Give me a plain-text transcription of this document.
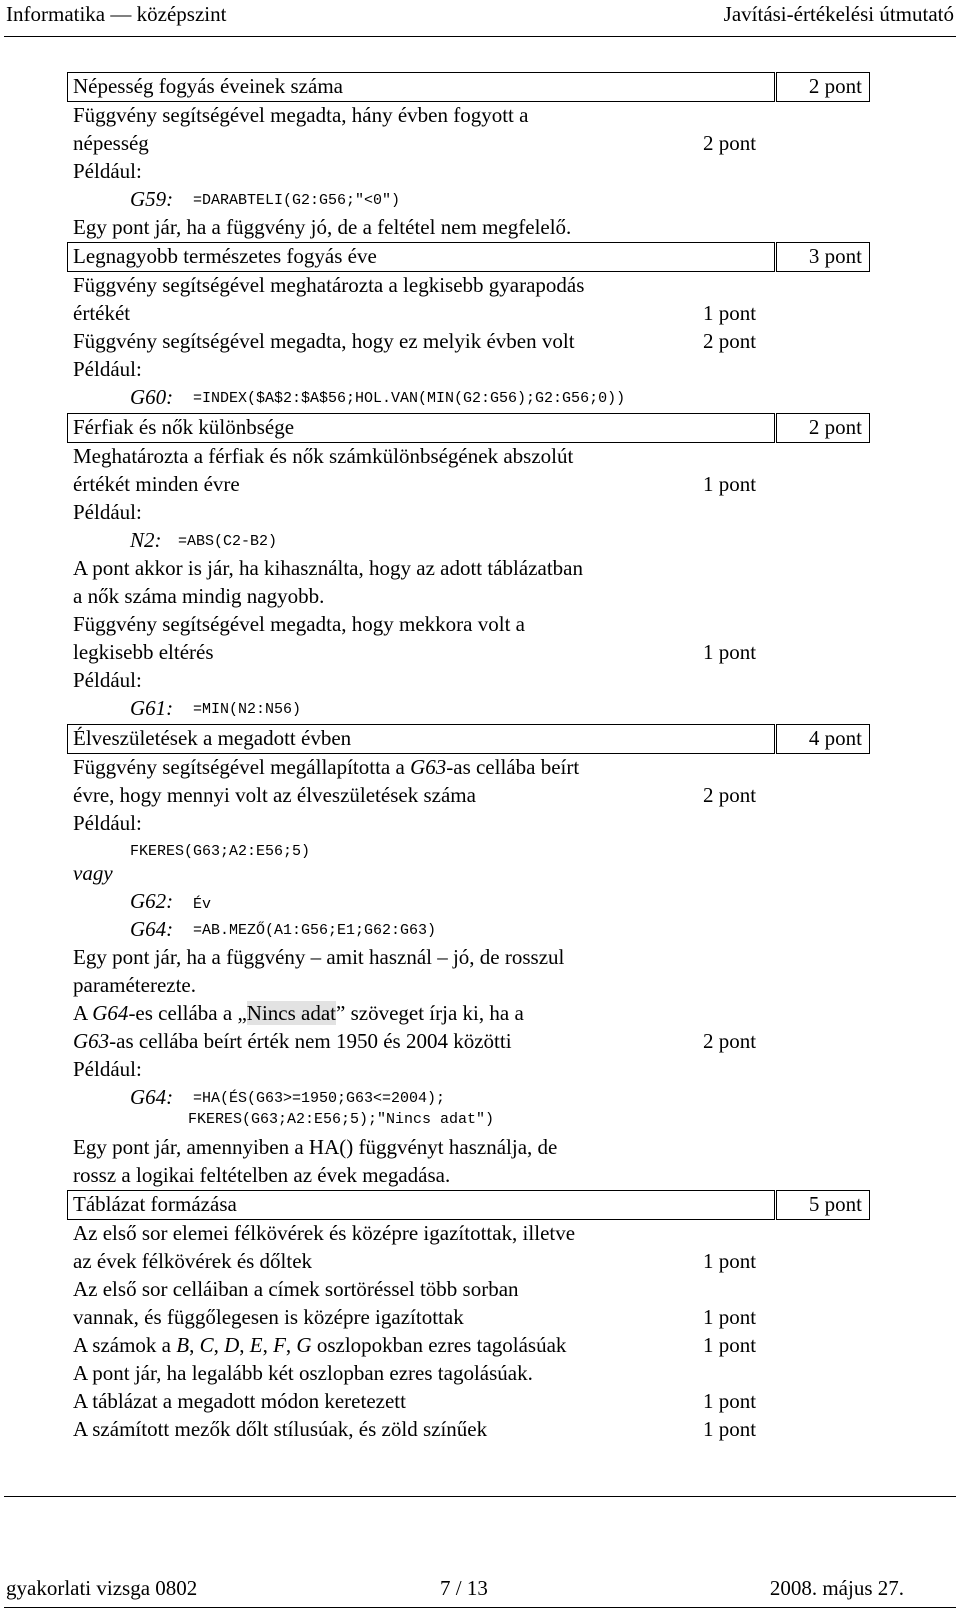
Informatika — középszint	Javítási-értékelési útmutató
Népesség fogyás éveinek száma	2 pont
Függvény segítségével megadta, hány évben fogyott a
népesség	2 pont
Például:
G59: =DARABTELI(G2:G56;"<0")
Egy pont jár, ha a függvény jó, de a feltétel nem megfelelő.
Legnagyobb természetes fogyás éve	3 pont
Függvény segítségével meghatározta a legkisebb gyarapodás
értékét	1 pont
Függvény segítségével megadta, hogy ez melyik évben volt	2 pont
Például:
G60: =INDEX($A$2:$A$56;HOL.VAN(MIN(G2:G56);G2:G56;0))
Férfiak és nők különbsége	2 pont
Meghatározta a férfiak és nők számkülönbségének abszolút
értékét minden évre	1 pont
Például:
N2: =ABS(C2-B2)
A pont akkor is jár, ha kihasználta, hogy az adott táblázatban
a nők száma mindig nagyobb.
Függvény segítségével megadta, hogy mekkora volt a
legkisebb eltérés	1 pont
Például:
G61: =MIN(N2:N56)
Élveszületések a megadott évben	4 pont
Függvény segítségével megállapította a G63-as cellába beírt
évre, hogy mennyi volt az élveszületések száma	2 pont
Például:
FKERES(G63;A2:E56;5)
vagy
G62: Év
G64: =AB.MEZŐ(A1:G56;E1;G62:G63)
Egy pont jár, ha a függvény – amit használ – jó, de rosszul
paraméterezte.
A G64-es cellába a „Nincs adat” szöveget írja ki, ha a
G63-as cellába beírt érték nem 1950 és 2004 közötti	2 pont
Például:
G64: =HA(ÉS(G63>=1950;G63<=2004);
FKERES(G63;A2:E56;5);"Nincs adat")
Egy pont jár, amennyiben a HA() függvényt használja, de
rossz a logikai feltételben az évek megadása.
Táblázat formázása	5 pont
Az első sor elemei félkövérek és középre igazítottak, illetve
az évek félkövérek és dőltek	1 pont
Az első sor celláiban a címek sortöréssel több sorban
vannak, és függőlegesen is középre igazítottak	1 pont
A számok a B, C, D, E, F, G oszlopokban ezres tagolásúak	1 pont
A pont jár, ha legalább két oszlopban ezres tagolásúak.
A táblázat a megadott módon keretezett	1 pont
A számított mezők dőlt stílusúak, és zöld színűek	1 pont
gyakorlati vizsga 0802	7 / 13	2008. május 27.
